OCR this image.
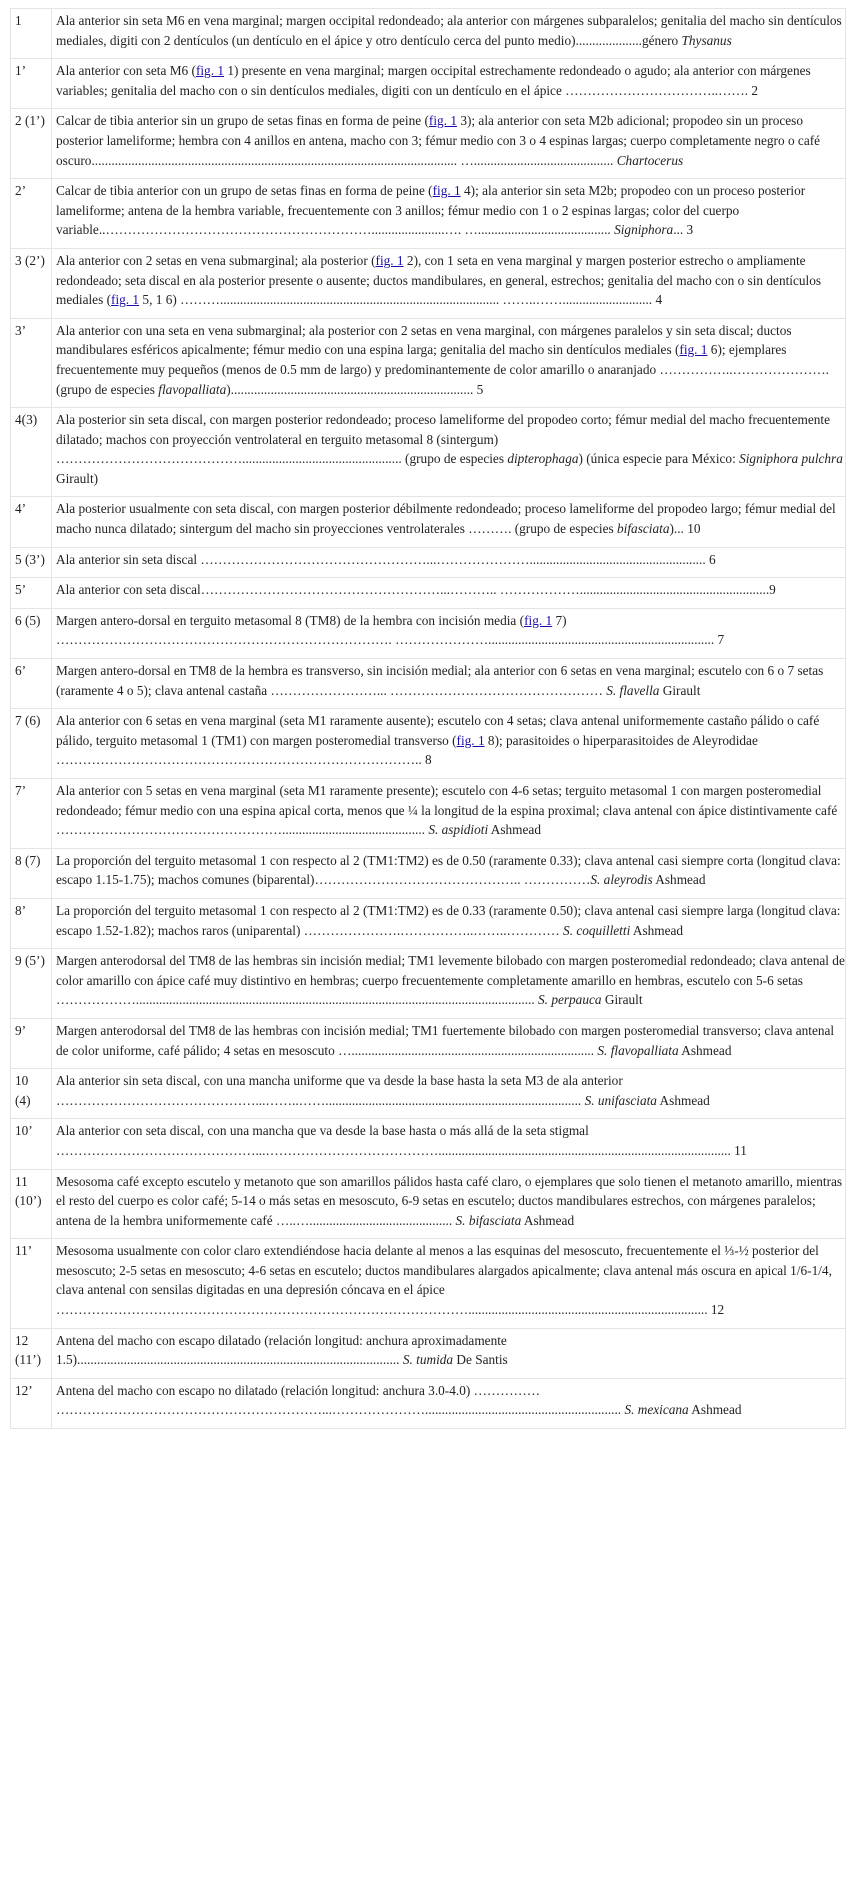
1	Ala anterior sin seta M6 en vena marginal; margen occipital redondeado; ala anterior con márgenes subparalelos; genitalia del macho sin dentículos mediales, digiti con 2 dentículos (un dentículo en el ápice y otro dentículo cerca del punto medio)....................género Thysanus
1’	Ala anterior con seta M6 (fig. 1 1) presente en vena marginal; margen occipital estrechamente redondeado o agudo; ala anterior con márgenes variables; genitalia del macho con o sin dentículos mediales, digiti con un dentículo en el ápice ……………………………..……. 2
2 (1’)	Calcar de tibia anterior sin un grupo de setas finas en forma de peine (fig. 1 3); ala anterior con seta M2b adicional; propodeo sin un proceso posterior lameliforme; hembra con 4 anillos en antena, macho con 3; fémur medio con 3 o 4 espinas largas; cuerpo completamente negro o café oscuro.............................................................................................................. ….......................................... Chartocerus
2’	Calcar de tibia anterior con un grupo de setas finas en forma de peine (fig. 1 4); ala anterior sin seta M2b; propodeo con un proceso posterior lameliforme; antena de la hembra variable, frecuentemente con 3 anillos; fémur medio con 1 o 2 espinas largas; color del cuerpo variable..……………………………………………………......................…. …........................................ Signiphora... 3
3 (2’)	Ala anterior con 2 setas en vena submarginal; ala posterior (fig. 1 2), con 1 seta en vena marginal y margen posterior estrecho o ampliamente redondeado; seta discal en ala posterior presente o ausente; ductos mandibulares, en general, estrechos; genitalia del macho con o sin dentículos mediales (fig. 1 5, 1 6) ……….................................................................................... ……..……........................... 4
3’	Ala anterior con una seta en vena submarginal; ala posterior con 2 setas en vena marginal, con márgenes paralelos y sin seta discal; ductos mandibulares esféricos apicalmente; fémur medio con una espina larga; genitalia del macho sin dentículos mediales (fig. 1 6); ejemplares frecuentemente muy pequeños (menos de 0.5 mm de largo) y predominantemente de color amarillo o anaranjado ……………..…………………. (grupo de especies flavopalliata)......................................................................... 5
4(3)	Ala posterior sin seta discal, con margen posterior redondeado; proceso lameliforme del propodeo corto; fémur medial del macho frecuentemente dilatado; machos con proyección ventrolateral en terguito metasomal 8 (sintergum) ……………………………………................................................ (grupo de especies dipterophaga) (única especie para México: Signiphora pulchra Girault)
4’	Ala posterior usualmente con seta discal, con margen posterior débilmente redondeado; proceso lameliforme del propodeo largo; fémur medial del macho nunca dilatado; sintergum del macho sin proyecciones ventrolaterales ………. (grupo de especies bifasciata)... 10
5 (3’)	Ala anterior sin seta discal ……………………………………………...…………………..................................................... 6
5’	Ala anterior con seta discal………………………………………………...……….. ……………….........................................................9
6 (5)	Margen antero-dorsal en terguito metasomal 8 (TM8) de la hembra con incisión media (fig. 1 7) …………………………………………………………………. ………………….................................................................... 7
6’	Margen antero-dorsal en TM8 de la hembra es transverso, sin incisión medial; ala anterior con 6 setas en vena marginal; escutelo con 6 o 7 setas (raramente 4 o 5); clava antenal castaña ……………………... ………………………………………… S. flavella Girault
7 (6)	Ala anterior con 6 setas en vena marginal (seta M1 raramente ausente); escutelo con 4 setas; clava antenal uniformemente castaño pálido o café pálido, terguito metasomal 1 (TM1) con margen posteromedial transverso (fig. 1 8); parasitoides o hiperparasitoides de Aleyrodidae ……………………………………………………………………….. 8
7’	Ala anterior con 5 setas en vena marginal (seta M1 raramente presente); escutelo con 4-6 setas; terguito metasomal 1 con margen posteromedial redondeado; fémur medio con una espina apical corta, menos que ¼ la longitud de la espina proximal; clava antenal con ápice distintivamente café ……………………………………………........................................... S. aspidioti Ashmead
8 (7)	La proporción del terguito metasomal 1 con respecto al 2 (TM1:TM2) es de 0.50 (raramente 0.33); clava antenal casi siempre corta (longitud clava: escapo 1.15-1.75); machos comunes (biparental)……………………………………….. ……………S. aleyrodis Ashmead
8’	La proporción del terguito metasomal 1 con respecto al 2 (TM1:TM2) es de 0.33 (raramente 0.50); clava antenal casi siempre larga (longitud clava: escapo 1.52-1.82); machos raros (uniparental) ………………….……………..……..………… S. coquilletti Ashmead
9 (5’)	Margen anterodorsal del TM8 de las hembras sin incisión medial; TM1 levemente bilobado con margen posteromedial redondeado; clava antenal de color amarillo con ápice café muy distintivo en hembras; cuerpo frecuentemente completamente amarillo en hembras, escutelo con 5-6 setas ………………........................................................................................................................ S. perpauca Girault
9’	Margen anterodorsal del TM8 de las hembras con incisión medial; TM1 fuertemente bilobado con margen posteromedial transverso; clava antenal de color uniforme, café pálido; 4 setas en mesoscuto …......................................................................... S. flavopalliata Ashmead
10 (4)	Ala anterior sin seta discal, con una mancha uniforme que va desde la base hasta la seta M3 de ala anterior ………………………………………...……..……............................................................................. S. unifasciata Ashmead
10’	Ala anterior con seta discal, con una mancha que va desde la base hasta o más allá de la seta stigmal ………………………………………...…………………………………........................................................................................ 11
11 (10’)	Mesosoma café excepto escutelo y metanoto que son amarillos pálidos hasta café claro, o ejemplares que solo tienen el metanoto amarillo, mientras el resto del cuerpo es color café; 5-14 o más setas en mesoscuto, 6-9 setas en escutelo; ductos mandibulares estrechos, con márgenes paralelos; antena de la hembra uniformemente café …..…........................................... S. bifasciata Ashmead
11’	Mesosoma usualmente con color claro extendiéndose hacia delante al menos a las esquinas del mesoscuto, frecuentemente el ⅓-½ posterior del mesoscuto; 2-5 setas en mesoscuto; 4-6 setas en escutelo; ductos mandibulares alargados apicalmente; clava antenal más oscura en apical 1/6-1/4, clava antenal con sensilas digitadas en una depresión cóncava en el ápice …………………………………………………………………………………........................................................................ 12
12 (11’)	Antena del macho con escapo dilatado (relación longitud: anchura aproximadamente 1.5)................................................................................................. S. tumida De Santis
12’	Antena del macho con escapo no dilatado (relación longitud: anchura 3.0-4.0) …………… ……………………………………………………...…………………........................................................... S. mexicana Ashmead
